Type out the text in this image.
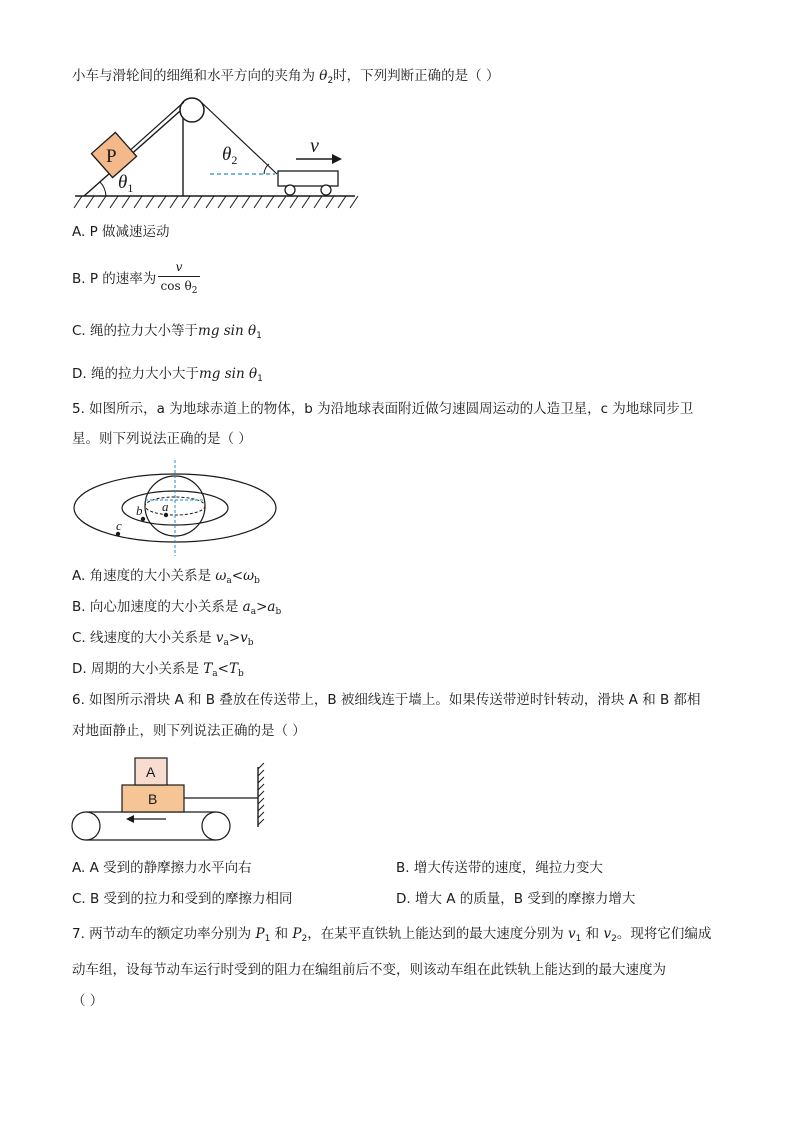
小车与滑轮间的细绳和水平方向的夹角为 $\theta_2$时，下列判断正确的是（ ）
P
$\theta_1$
$\theta_2$
v
A. P 做减速运动
B. P 的速率为
v
$\cos \theta_2$
C. 绳的拉力大小等于mg $\sin \theta_1$
D. 绳的拉力大小大于mg $\sin \theta_1$
5. 如图所示，a 为地球赤道上的物体，b 为沿地球表面附近做匀速圆周运动的人造卫星，c 为地球同步卫
星。则下列说法正确的是（ ）
a
b
c
A. 角速度的大小关系是 $\omega_a<\omega_b$
B. 向心加速度的大小关系是 $a_a>a_b$
C. 线速度的大小关系是 $v_a>v_b$
D. 周期的大小关系是 $T_a<T_b$
6. 如图所示滑块 A 和 B 叠放在传送带上，B 被细线连于墙上。如果传送带逆时针转动，滑块 A 和 B 都相
对地面静止，则下列说法正确的是（ ）
A
B
A. A 受到的静摩擦力水平向右	B. 增大传送带的速度，绳拉力变大
C. B 受到的拉力和受到的摩擦力相同	D. 增大 A 的质量，B 受到的摩擦力增大
7. 两节动车的额定功率分别为 $P_1$ 和 $P_2$，在某平直铁轨上能达到的最大速度分别为 $v_1$ 和 $v_2$。现将它们编成
动车组，设每节动车运行时受到的阻力在编组前后不变，则该动车组在此铁轨上能达到的最大速度为
（ ）
